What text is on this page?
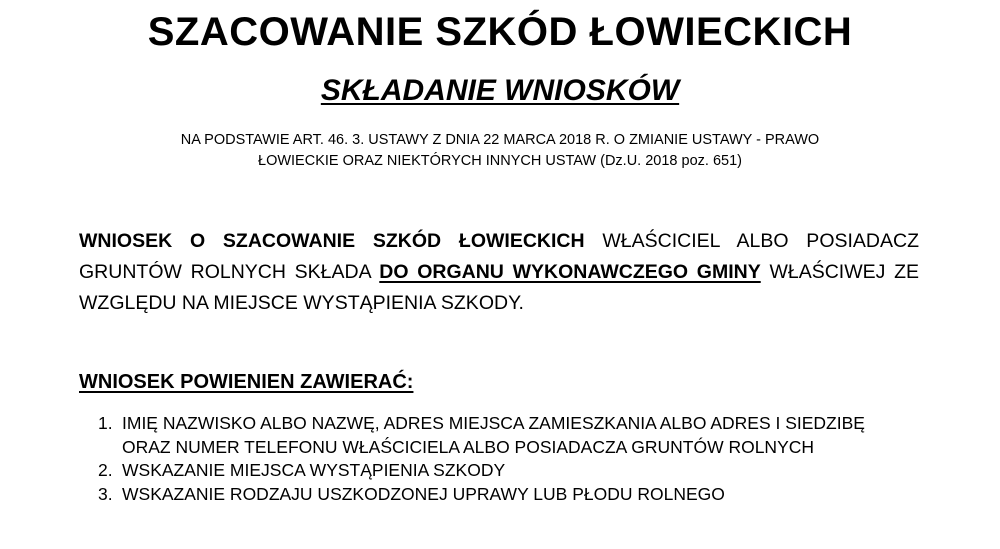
SZACOWANIE SZKÓD ŁOWIECKICH
SKŁADANIE WNIOSKÓW
NA PODSTAWIE ART. 46. 3. USTAWY Z DNIA 22 MARCA 2018 R. O ZMIANIE USTAWY - PRAWO
ŁOWIECKIE ORAZ NIEKTÓRYCH INNYCH USTAW (Dz.U. 2018 poz. 651)
WNIOSEK O SZACOWANIE SZKÓD ŁOWIECKICH WŁAŚCICIEL ALBO POSIADACZ GRUNTÓW ROLNYCH SKŁADA DO ORGANU WYKONAWCZEGO GMINY WŁAŚCIWEJ ZE WZGLĘDU NA MIEJSCE WYSTĄPIENIA SZKODY.
WNIOSEK POWIENIEN ZAWIERAĆ:
1. IMIĘ NAZWISKO ALBO NAZWĘ, ADRES MIEJSCA ZAMIESZKANIA ALBO ADRES I SIEDZIBĘ ORAZ NUMER TELEFONU WŁAŚCICIELA ALBO POSIADACZA GRUNTÓW ROLNYCH
2. WSKAZANIE MIEJSCA WYSTĄPIENIA SZKODY
3. WSKAZANIE RODZAJU USZKODZONEJ UPRAWY LUB PŁODU ROLNEGO
